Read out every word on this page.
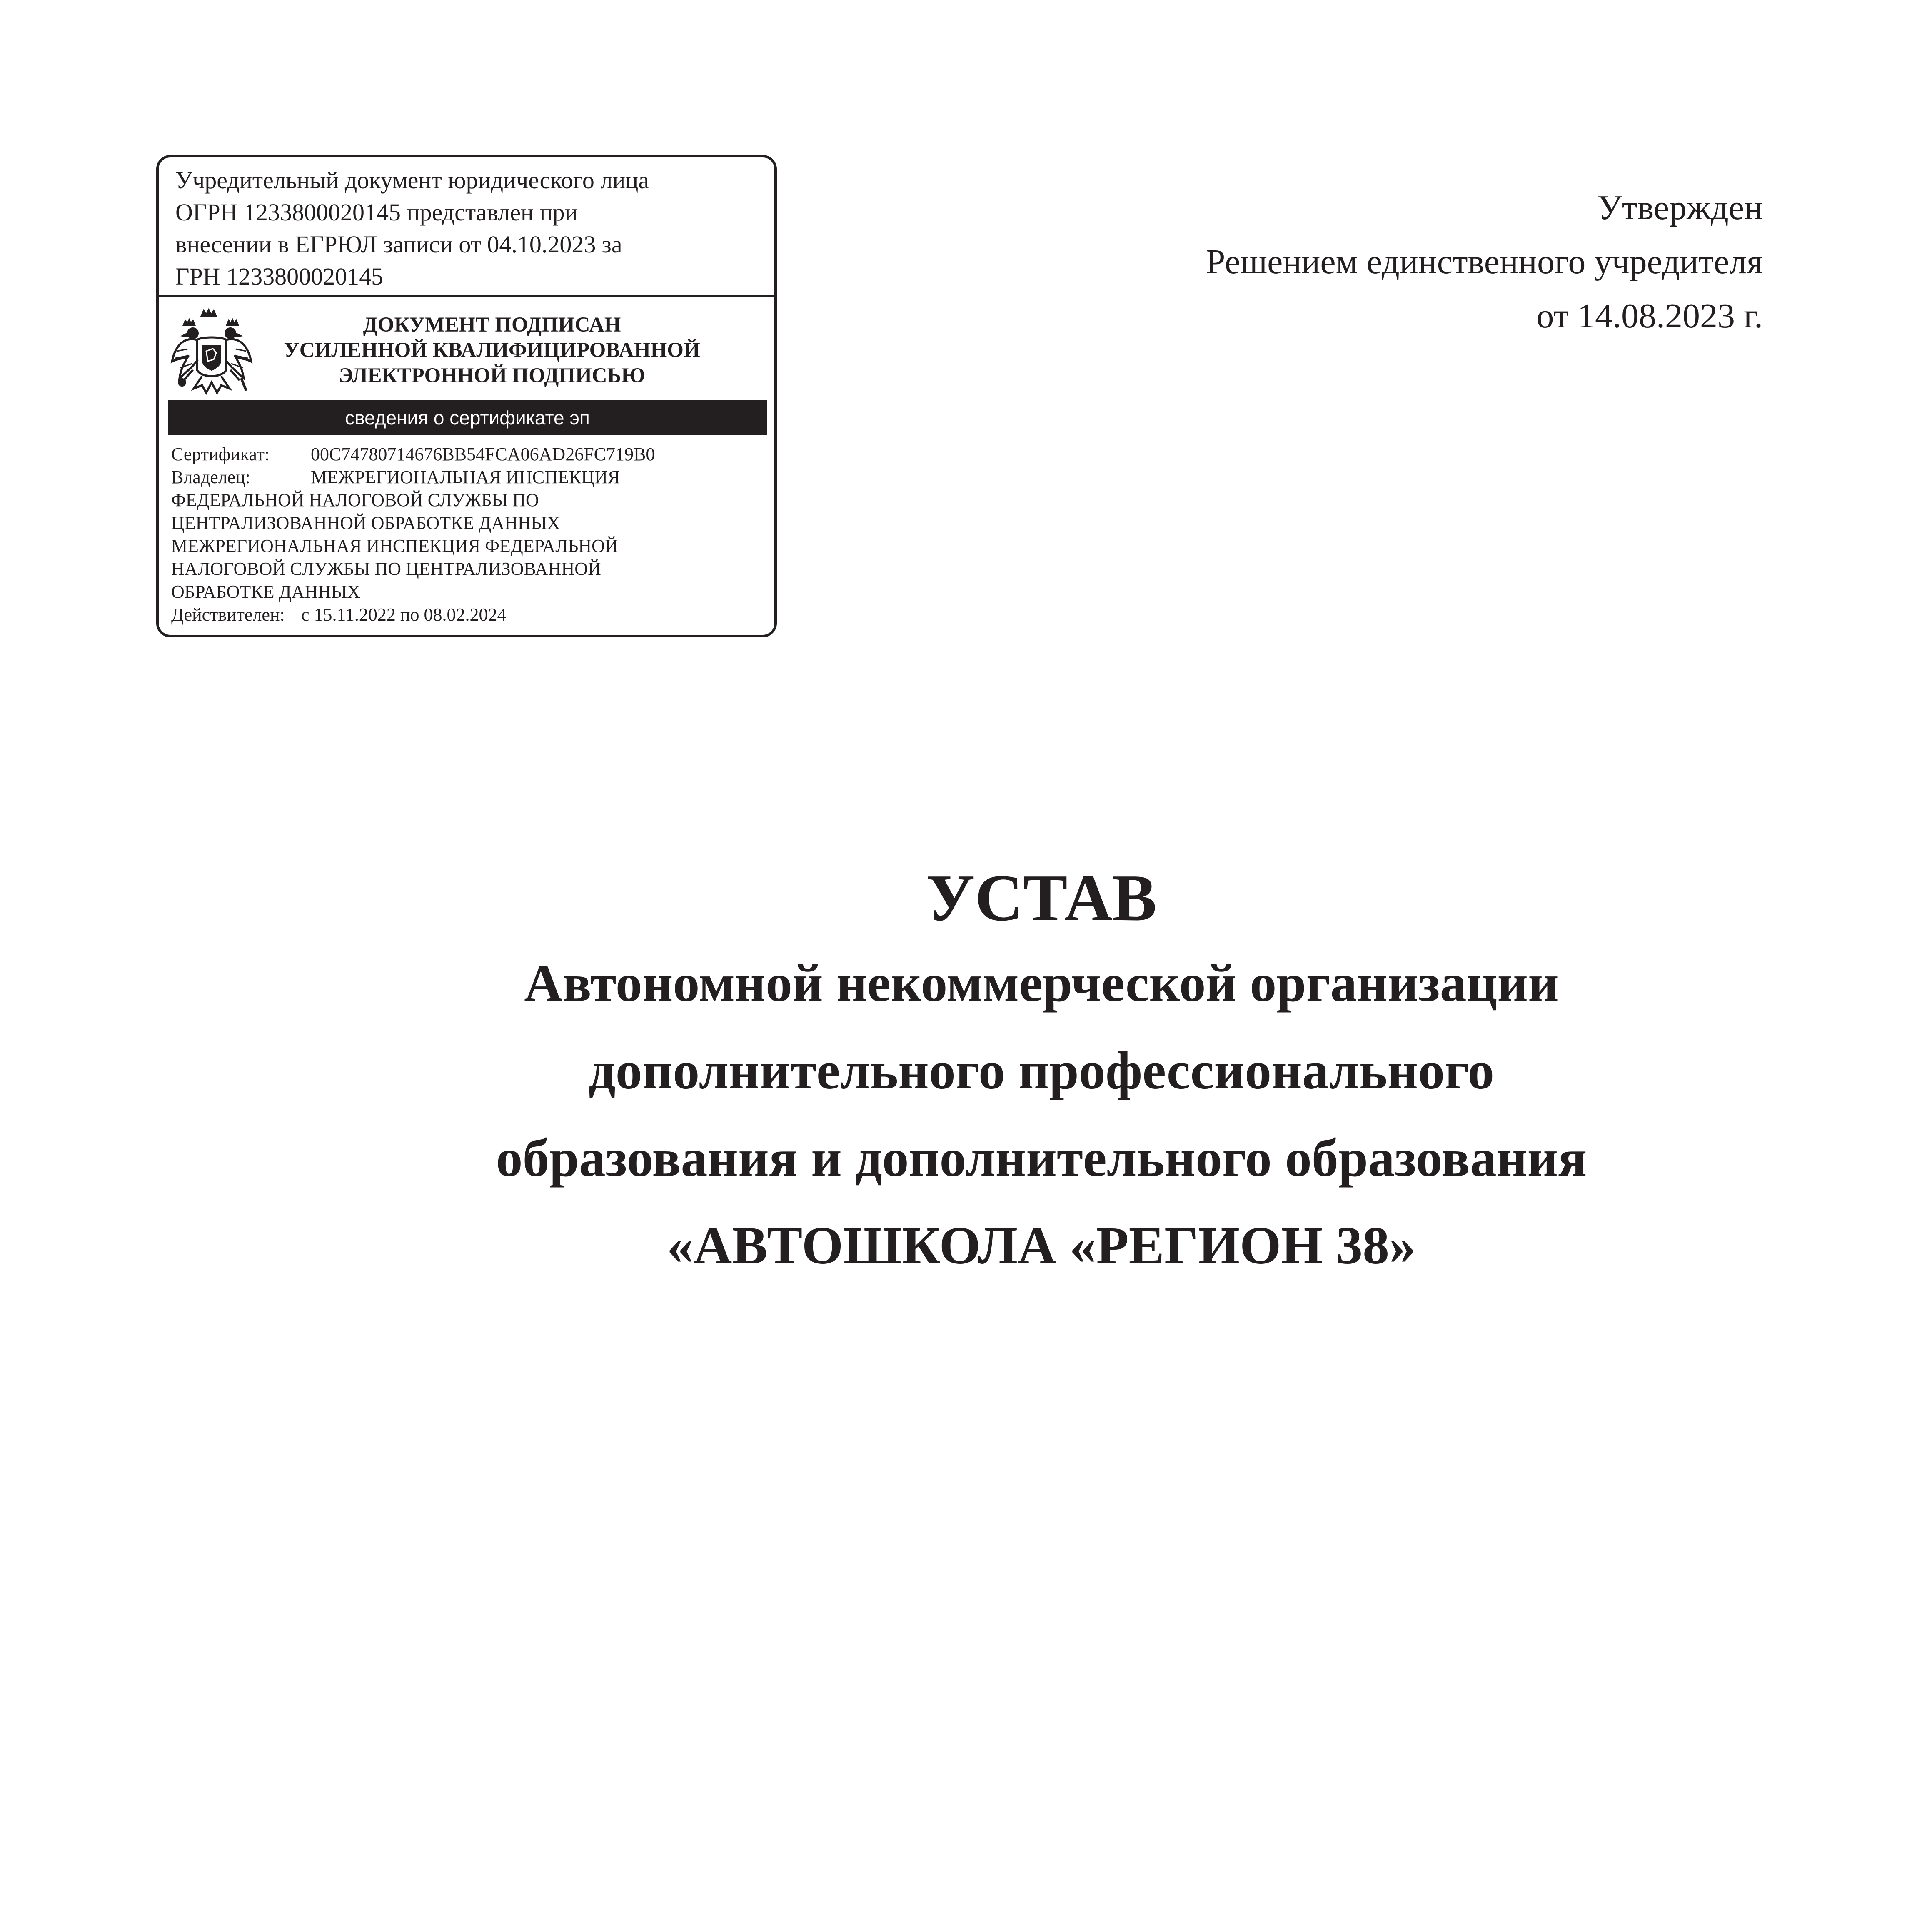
Учредительный документ юридического лица
ОГРН 1233800020145 представлен при
внесении в ЕГРЮЛ записи от 04.10.2023 за
ГРН 1233800020145
ДОКУМЕНТ ПОДПИСАН
УСИЛЕННОЙ КВАЛИФИЦИРОВАННОЙ
ЭЛЕКТРОННОЙ ПОДПИСЬЮ
сведения о сертификате эп
Сертификат: 00C74780714676BB54FCA06AD26FC719B0
Владелец:	МЕЖРЕГИОНАЛЬНАЯ ИНСПЕКЦИЯ
ФЕДЕРАЛЬНОЙ НАЛОГОВОЙ СЛУЖБЫ ПО
ЦЕНТРАЛИЗОВАННОЙ ОБРАБОТКЕ ДАННЫХ
МЕЖРЕГИОНАЛЬНАЯ ИНСПЕКЦИЯ ФЕДЕРАЛЬНОЙ
НАЛОГОВОЙ СЛУЖБЫ ПО ЦЕНТРАЛИЗОВАННОЙ
ОБРАБОТКЕ ДАННЫХ
Действителен: с 15.11.2022 по 08.02.2024
Утвержден
Решением единственного учредителя
от 14.08.2023 г.
УСТАВ
Автономной некоммерческой организации
дополнительного профессионального
образования и дополнительного образования
«АВТОШКОЛА «РЕГИОН 38»
